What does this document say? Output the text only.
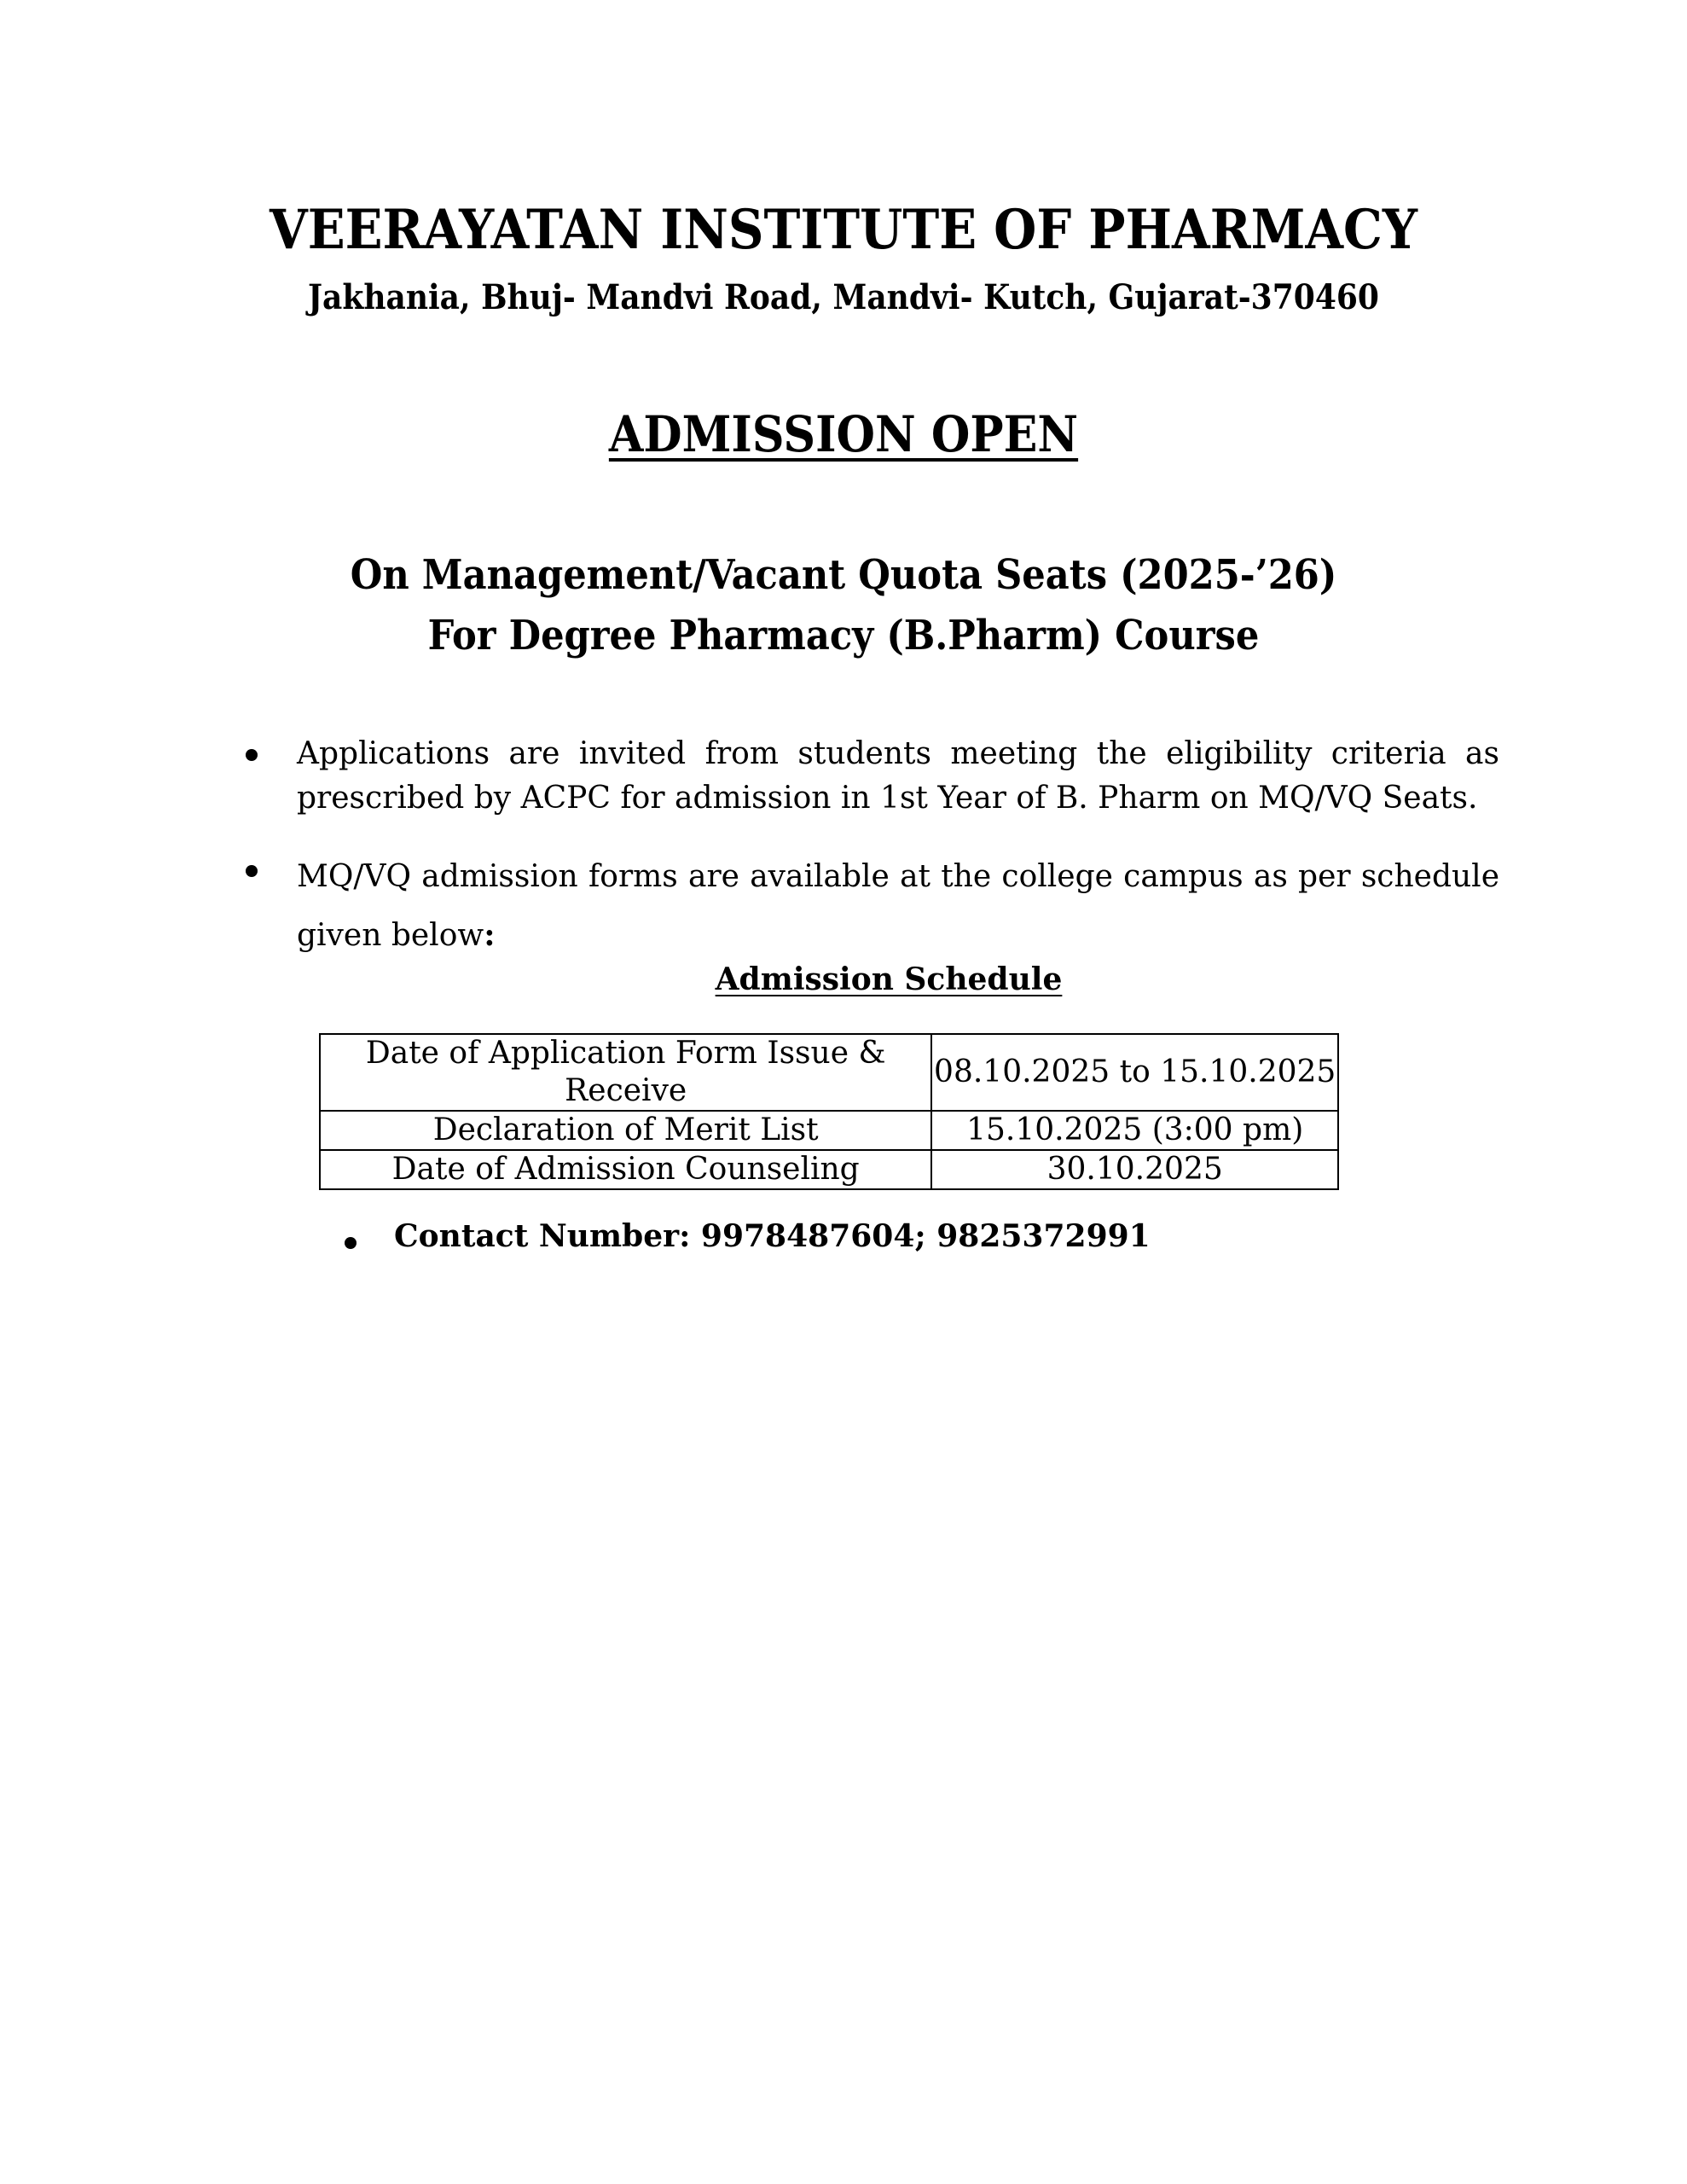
VEERAYATAN INSTITUTE OF PHARMACY
Jakhania, Bhuj- Mandvi Road, Mandvi- Kutch, Gujarat-370460
ADMISSION OPEN
On Management/Vacant Quota Seats (2025-’26)
For Degree Pharmacy (B.Pharm) Course
Applications are invited from students meeting the eligibility criteria as prescribed by ACPC for admission in 1st Year of B. Pharm on MQ/VQ Seats.
MQ/VQ admission forms are available at the college campus as per schedule given below:
Admission Schedule
Date of Application Form Issue & Receive	08.10.2025 to 15.10.2025
Declaration of Merit List	15.10.2025 (3:00 pm)
Date of Admission Counseling	30.10.2025
Contact Number: 9978487604; 9825372991
